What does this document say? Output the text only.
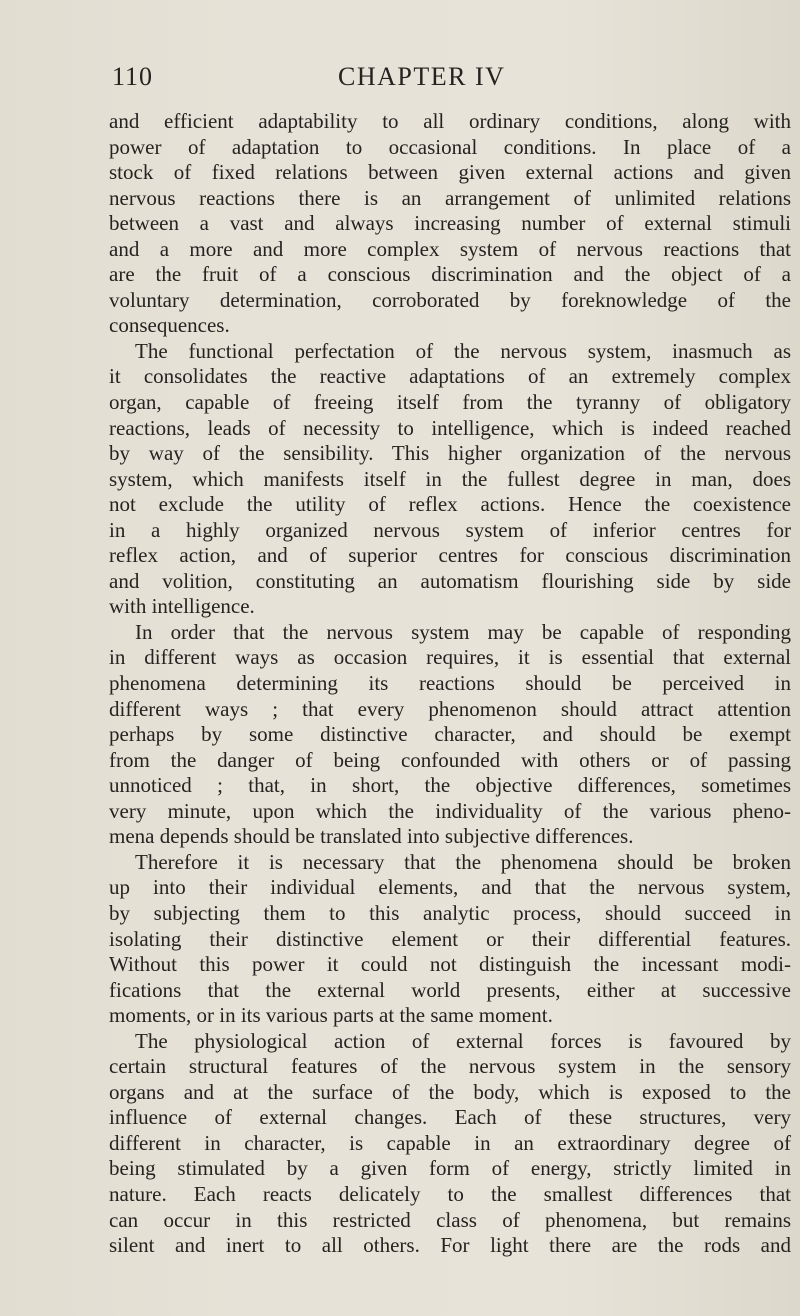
110	CHAPTER IV
and efficient adaptability to all ordinary conditions, along with
power of adaptation to occasional conditions. In place of a
stock of fixed relations between given external actions and given
nervous reactions there is an arrangement of unlimited relations
between a vast and always increasing number of external stimuli
and a more and more complex system of nervous reactions that
are the fruit of a conscious discrimination and the object of a
voluntary determination, corroborated by foreknowledge of the
consequences.
The functional perfectation of the nervous system, inasmuch as
it consolidates the reactive adaptations of an extremely complex
organ, capable of freeing itself from the tyranny of obligatory
reactions, leads of necessity to intelligence, which is indeed reached
by way of the sensibility. This higher organization of the nervous
system, which manifests itself in the fullest degree in man, does
not exclude the utility of reflex actions. Hence the coexistence
in a highly organized nervous system of inferior centres for
reflex action, and of superior centres for conscious discrimination
and volition, constituting an automatism flourishing side by side
with intelligence.
In order that the nervous system may be capable of responding
in different ways as occasion requires, it is essential that external
phenomena determining its reactions should be perceived in
different ways ; that every phenomenon should attract attention
perhaps by some distinctive character, and should be exempt
from the danger of being confounded with others or of passing
unnoticed ; that, in short, the objective differences, sometimes
very minute, upon which the individuality of the various pheno-
mena depends should be translated into subjective differences.
Therefore it is necessary that the phenomena should be broken
up into their individual elements, and that the nervous system,
by subjecting them to this analytic process, should succeed in
isolating their distinctive element or their differential features.
Without this power it could not distinguish the incessant modi-
fications that the external world presents, either at successive
moments, or in its various parts at the same moment.
The physiological action of external forces is favoured by
certain structural features of the nervous system in the sensory
organs and at the surface of the body, which is exposed to the
influence of external changes. Each of these structures, very
different in character, is capable in an extraordinary degree of
being stimulated by a given form of energy, strictly limited in
nature. Each reacts delicately to the smallest differences that
can occur in this restricted class of phenomena, but remains
silent and inert to all others. For light there are the rods and
